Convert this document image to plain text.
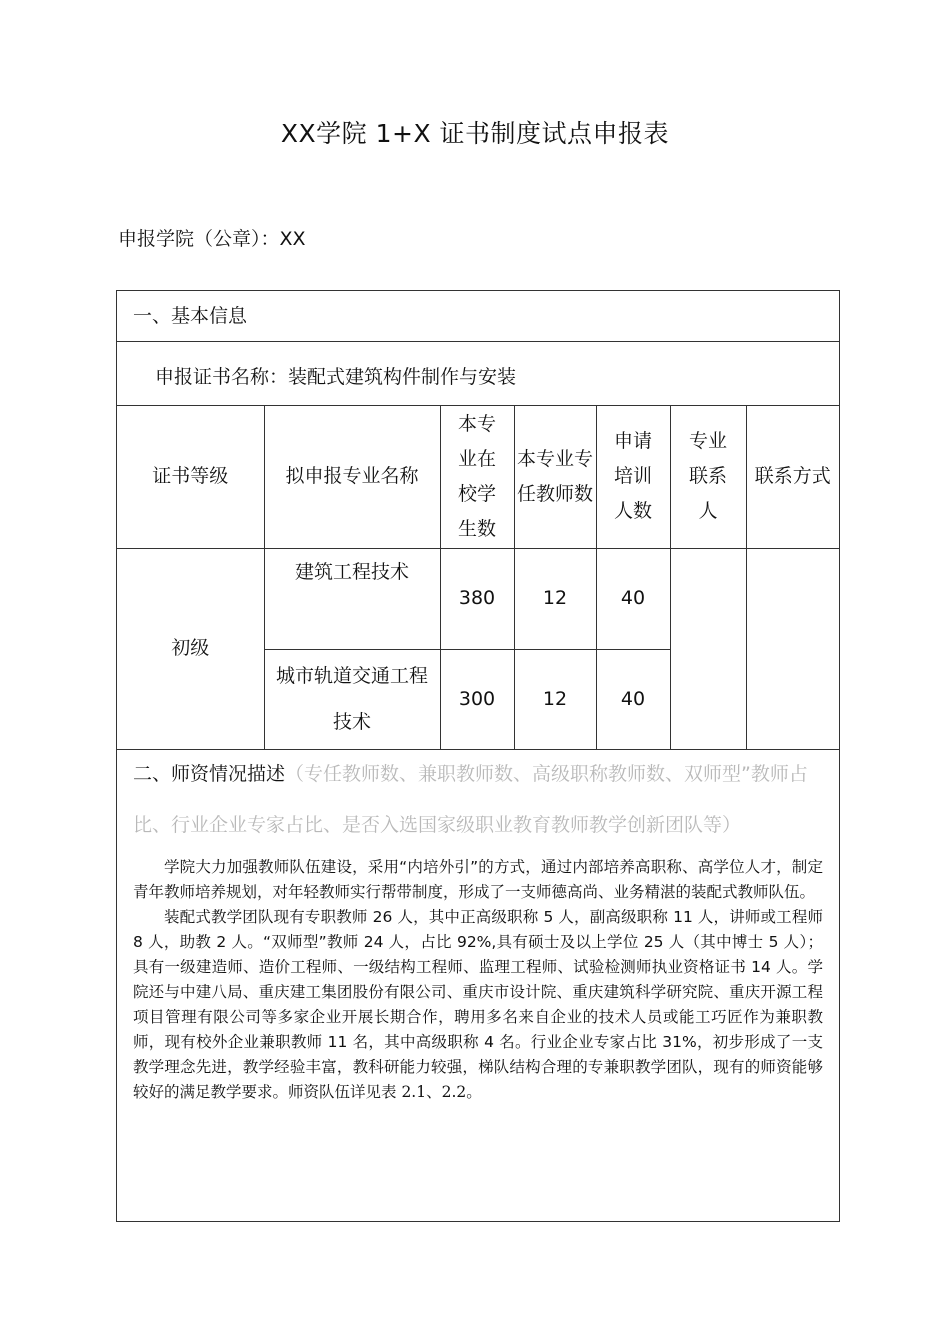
XX学院 1+X 证书制度试点申报表
申报学院（公章）：XX
一、基本信息
申报证书名称：装配式建筑构件制作与安装
证书等级	拟申报专业名称	本专业在校学生数	本专业专任教师数	申请培训人数	专业联系人	联系方式
初级	建筑工程技术	380	12	40		
	城市轨道交通工程技术	300	12	40		

二、师资情况描述（专任教师数、兼职教师数、高级职称教师数、双师型”教师占比、行业企业专家占比、是否入选国家级职业教育教师教学创新团队等）

学院大力加强教师队伍建设，采用“内培外引”的方式，通过内部培养高职称、高学位人才，制定青年教师培养规划，对年轻教师实行帮带制度，形成了一支师德高尚、业务精湛的装配式教师队伍。

装配式教学团队现有专职教师 26 人，其中正高级职称 5 人，副高级职称 11 人，讲师或工程师 8 人，助教 2 人。“双师型”教师 24 人，占比 92%,具有硕士及以上学位 25 人（其中博士 5 人）；具有一级建造师、造价工程师、一级结构工程师、监理工程师、试验检测师执业资格证书 14 人。学院还与中建八局、重庆建工集团股份有限公司、重庆市设计院、重庆建筑科学研究院、重庆开源工程项目管理有限公司等多家企业开展长期合作，聘用多名来自企业的技术人员或能工巧匠作为兼职教师，现有校外企业兼职教师 11 名，其中高级职称 4 名。行业企业专家占比 31%，初步形成了一支教学理念先进，教学经验丰富，教科研能力较强，梯队结构合理的专兼职教学团队，现有的师资能够较好的满足教学要求。师资队伍详见表 2.1、2.2。
